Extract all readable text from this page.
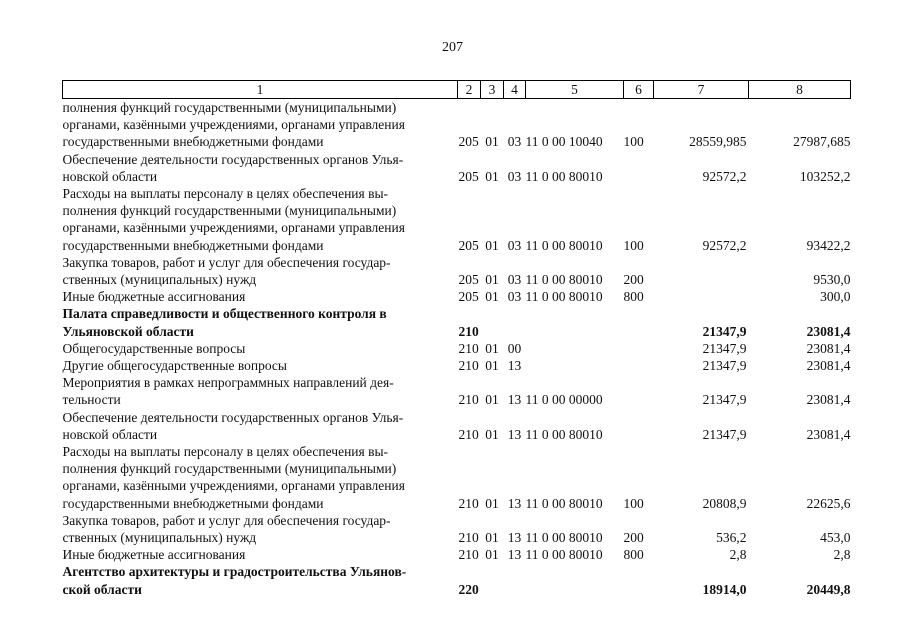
207
1	2	3	4	5	6	7	8

полнения функций государственными (муниципальными)
органами, казёнными учреждениями, органами управления
государственными внебюджетными фондами	205	01	03	11 0 00 10040	100	28559,985	27987,685

Обеспечение деятельности государственных органов Улья-
новской области	205	01	03	11 0 00 80010		92572,2	103252,2

Расходы на выплаты персоналу в целях обеспечения вы-
полнения функций государственными (муниципальными)
органами, казёнными учреждениями, органами управления
государственными внебюджетными фондами	205	01	03	11 0 00 80010	100	92572,2	93422,2

Закупка товаров, работ и услуг для обеспечения государ-
ственных (муниципальных) нужд	205	01	03	11 0 00 80010	200		9530,0

Иные бюджетные ассигнования	205	01	03	11 0 00 80010	800		300,0

Палата справедливости и общественного контроля в
Ульяновской области	210					21347,9	23081,4

Общегосударственные вопросы	210	01	00			21347,9	23081,4

Другие общегосударственные вопросы	210	01	13			21347,9	23081,4

Мероприятия в рамках непрограммных направлений дея-
тельности	210	01	13	11 0 00 00000		21347,9	23081,4

Обеспечение деятельности государственных органов Улья-
новской области	210	01	13	11 0 00 80010		21347,9	23081,4

Расходы на выплаты персоналу в целях обеспечения вы-
полнения функций государственными (муниципальными)
органами, казёнными учреждениями, органами управления
государственными внебюджетными фондами	210	01	13	11 0 00 80010	100	20808,9	22625,6

Закупка товаров, работ и услуг для обеспечения государ-
ственных (муниципальных) нужд	210	01	13	11 0 00 80010	200	536,2	453,0

Иные бюджетные ассигнования	210	01	13	11 0 00 80010	800	2,8	2,8

Агентство архитектуры и градостроительства Ульянов-
ской области	220					18914,0	20449,8
